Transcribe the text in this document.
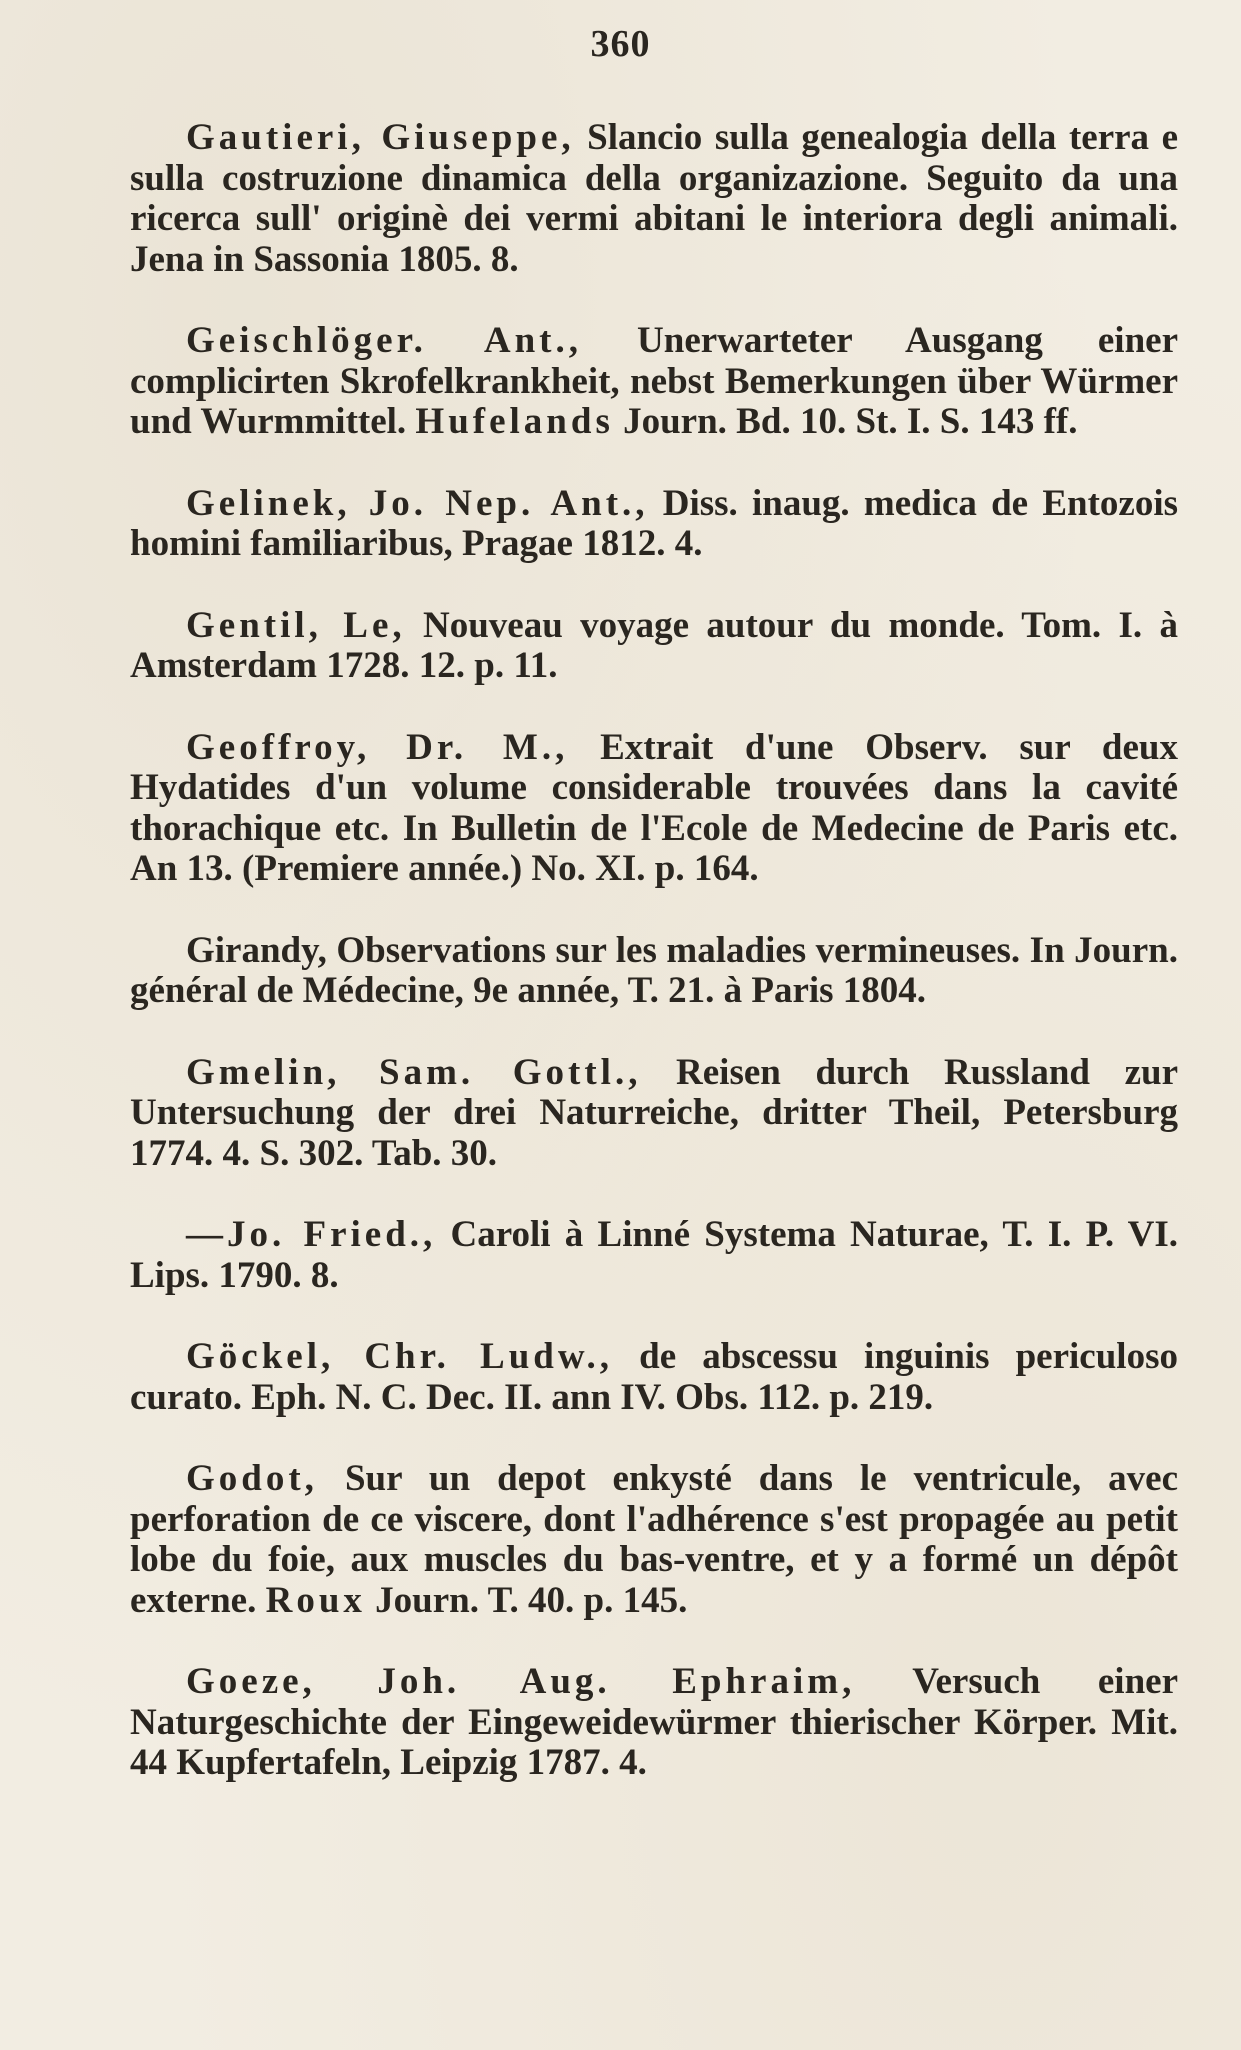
360

Gautieri, Giuseppe, Slancio sulla genealogia della terra e sulla costruzione dinamica della organizazione. Seguito da una ricerca sull' originè dei vermi abitani le interiora degli animali. Jena in Sassonia 1805. 8.

Geischlöger. Ant., Unerwarteter Ausgang einer complicirten Skrofelkrankheit, nebst Bemerkungen über Würmer und Wurmmittel. Hufelands Journ. Bd. 10. St. I. S. 143 ff.

Gelinek, Jo. Nep. Ant., Diss. inaug. medica de Entozois homini familiaribus, Pragae 1812. 4.

Gentil, Le, Nouveau voyage autour du monde. Tom. I. à Amsterdam 1728. 12. p. 11.

Geoffroy, Dr. M., Extrait d'une Observ. sur deux Hydatides d'un volume considerable trouvées dans la cavité thorachique etc. In Bulletin de l'Ecole de Medecine de Paris etc. An 13. (Premiere année.) No. XI. p. 164.

Girandy, Observations sur les maladies vermineuses. In Journ. général de Médecine, 9e année, T. 21. à Paris 1804.

Gmelin, Sam. Gottl., Reisen durch Russland zur Untersuchung der drei Naturreiche, dritter Theil, Petersburg 1774. 4. S. 302. Tab. 30.

—Jo. Fried., Caroli à Linné Systema Naturae, T. I. P. VI. Lips. 1790. 8.

Göckel, Chr. Ludw., de abscessu inguinis periculoso curato. Eph. N. C. Dec. II. ann IV. Obs. 112. p. 219.

Godot, Sur un depot enkysté dans le ventricule, avec perforation de ce viscere, dont l'adhérence s'est propagée au petit lobe du foie, aux muscles du bas-ventre, et y a formé un dépôt externe. Roux Journ. T. 40. p. 145.

Goeze, Joh. Aug. Ephraim, Versuch einer Naturgeschichte der Eingeweidewürmer thierischer Körper. Mit. 44 Kupfertafeln, Leipzig 1787. 4.
